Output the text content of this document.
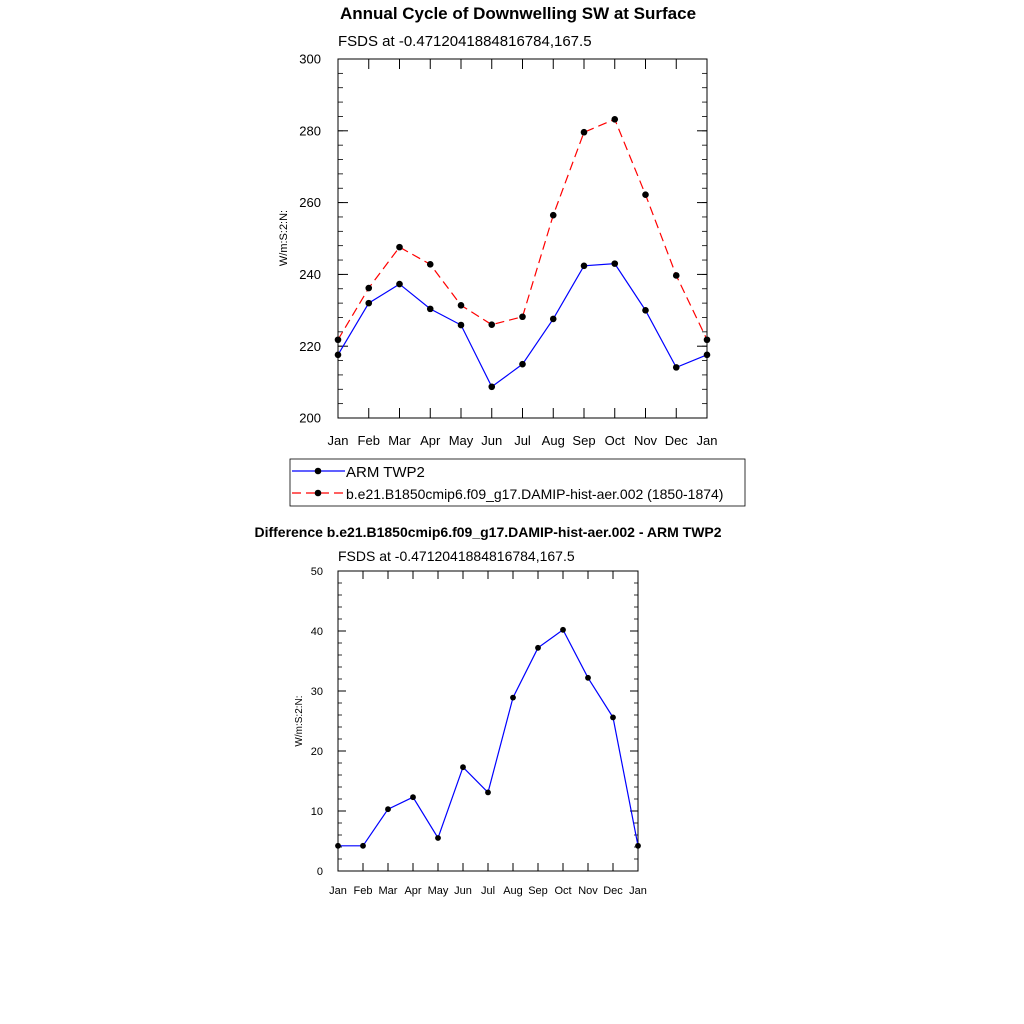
Annual Cycle of Downwelling SW at Surface
FSDS at -0.4712041884816784,167.5
W/m:S:2:N:
Jan Feb Mar Apr May Jun Jul Aug Sep Oct Nov Dec Jan
200
220
240
260
280
300
ARM TWP2
b.e21.B1850cmip6.f09_g17.DAMIP-hist-aer.002 (1850-1874)
Difference b.e21.B1850cmip6.f09_g17.DAMIP-hist-aer.002 - ARM TWP2
FSDS at -0.4712041884816784,167.5
W/m:S:2:N:
Jan Feb Mar Apr May Jun Jul Aug Sep Oct Nov Dec Jan
0
10
20
30
40
50
